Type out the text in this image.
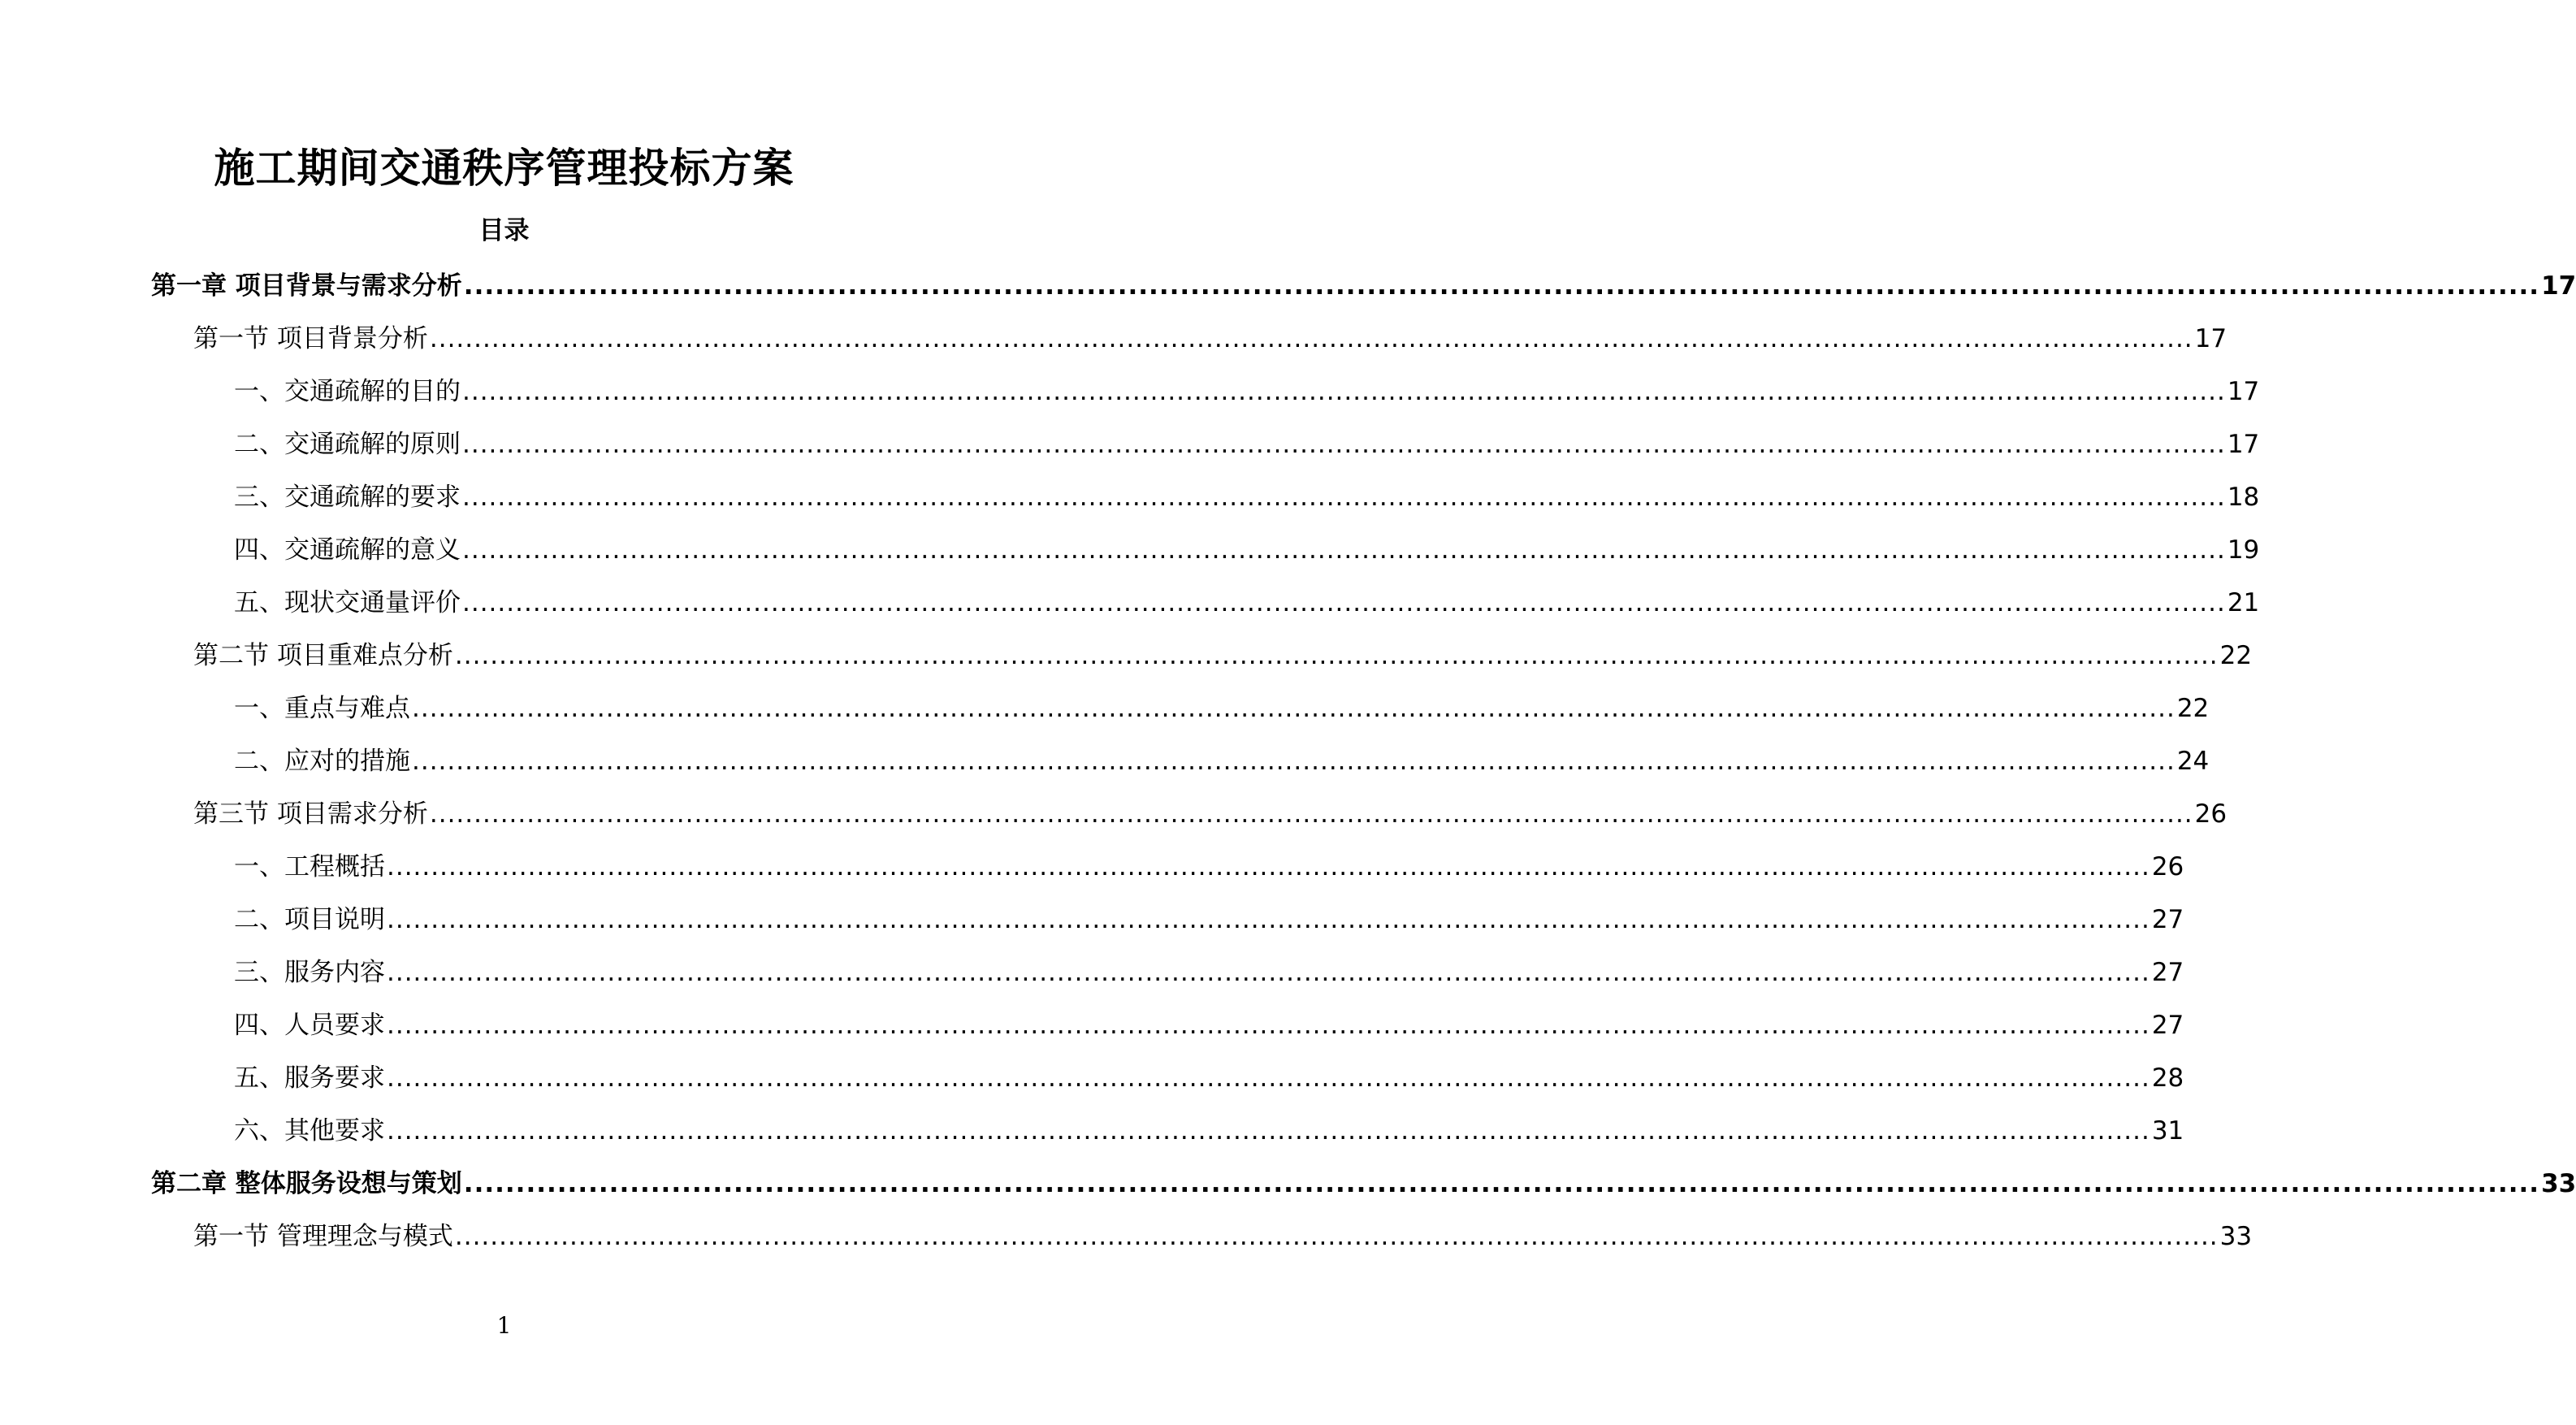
施工期间交通秩序管理投标方案
目录
第一章 项目背景与需求分析 ........................................................................................................................................................................................................ 17
第一节 项目背景分析 ........................................................................................................................................................................................................ 17
一、交通疏解的目的 ........................................................................................................................................................................................................ 17
二、交通疏解的原则 ........................................................................................................................................................................................................ 17
三、交通疏解的要求 ........................................................................................................................................................................................................ 18
四、交通疏解的意义 ........................................................................................................................................................................................................ 19
五、现状交通量评价 ........................................................................................................................................................................................................ 21
第二节 项目重难点分析 ........................................................................................................................................................................................................ 22
一、重点与难点 ........................................................................................................................................................................................................ 22
二、应对的措施 ........................................................................................................................................................................................................ 24
第三节 项目需求分析 ........................................................................................................................................................................................................ 26
一、工程概括 ........................................................................................................................................................................................................ 26
二、项目说明 ........................................................................................................................................................................................................ 27
三、服务内容 ........................................................................................................................................................................................................ 27
四、人员要求 ........................................................................................................................................................................................................ 27
五、服务要求 ........................................................................................................................................................................................................ 28
六、其他要求 ........................................................................................................................................................................................................ 31
第二章 整体服务设想与策划 ........................................................................................................................................................................................................ 33
第一节 管理理念与模式 ........................................................................................................................................................................................................ 33
1
